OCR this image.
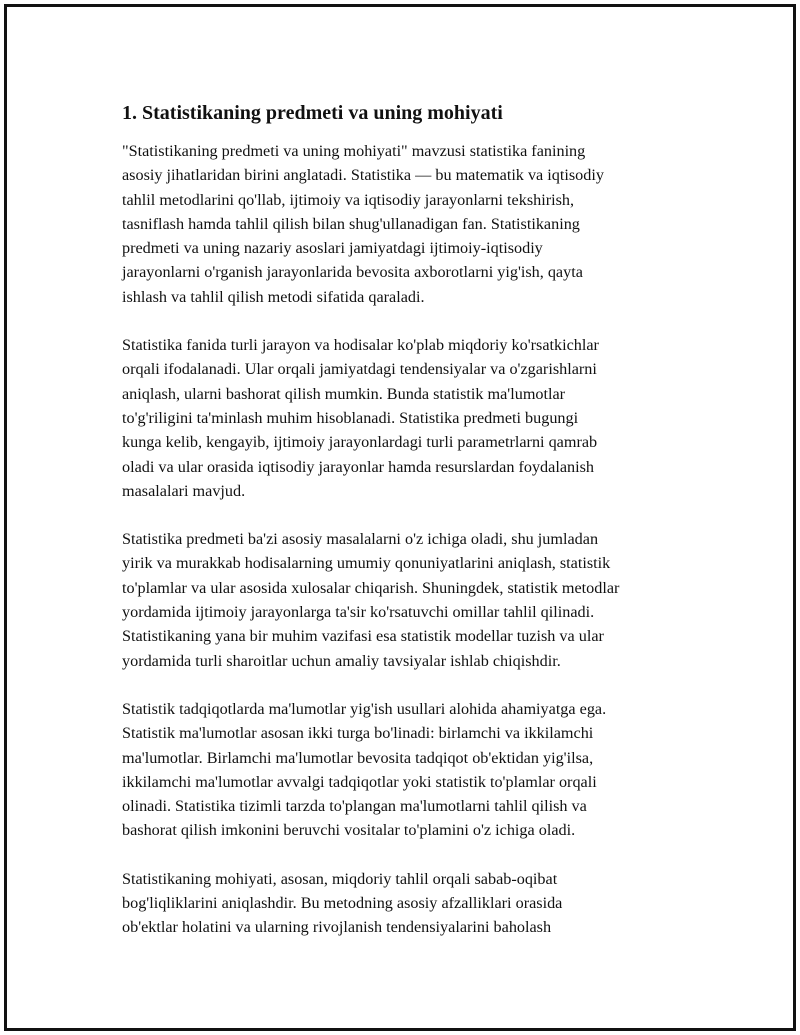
1. Statistikaning predmeti va uning mohiyati

"Statistikaning predmeti va uning mohiyati" mavzusi statistika fanining
asosiy jihatlaridan birini anglatadi. Statistika — bu matematik va iqtisodiy
tahlil metodlarini qo'llab, ijtimoiy va iqtisodiy jarayonlarni tekshirish,
tasniflash hamda tahlil qilish bilan shug'ullanadigan fan. Statistikaning
predmeti va uning nazariy asoslari jamiyatdagi ijtimoiy-iqtisodiy
jarayonlarni o'rganish jarayonlarida bevosita axborotlarni yig'ish, qayta
ishlash va tahlil qilish metodi sifatida qaraladi.

Statistika fanida turli jarayon va hodisalar ko'plab miqdoriy ko'rsatkichlar
orqali ifodalanadi. Ular orqali jamiyatdagi tendensiyalar va o'zgarishlarni
aniqlash, ularni bashorat qilish mumkin. Bunda statistik ma'lumotlar
to'g'riligini ta'minlash muhim hisoblanadi. Statistika predmeti bugungi
kunga kelib, kengayib, ijtimoiy jarayonlardagi turli parametrlarni qamrab
oladi va ular orasida iqtisodiy jarayonlar hamda resurslardan foydalanish
masalalari mavjud.

Statistika predmeti ba'zi asosiy masalalarni o'z ichiga oladi, shu jumladan
yirik va murakkab hodisalarning umumiy qonuniyatlarini aniqlash, statistik
to'plamlar va ular asosida xulosalar chiqarish. Shuningdek, statistik metodlar
yordamida ijtimoiy jarayonlarga ta'sir ko'rsatuvchi omillar tahlil qilinadi.
Statistikaning yana bir muhim vazifasi esa statistik modellar tuzish va ular
yordamida turli sharoitlar uchun amaliy tavsiyalar ishlab chiqishdir.

Statistik tadqiqotlarda ma'lumotlar yig'ish usullari alohida ahamiyatga ega.
Statistik ma'lumotlar asosan ikki turga bo'linadi: birlamchi va ikkilamchi
ma'lumotlar. Birlamchi ma'lumotlar bevosita tadqiqot ob'ektidan yig'ilsa,
ikkilamchi ma'lumotlar avvalgi tadqiqotlar yoki statistik to'plamlar orqali
olinadi. Statistika tizimli tarzda to'plangan ma'lumotlarni tahlil qilish va
bashorat qilish imkonini beruvchi vositalar to'plamini o'z ichiga oladi.

Statistikaning mohiyati, asosan, miqdoriy tahlil orqali sabab-oqibat
bog'liqliklarini aniqlashdir. Bu metodning asosiy afzalliklari orasida
ob'ektlar holatini va ularning rivojlanish tendensiyalarini baholash
